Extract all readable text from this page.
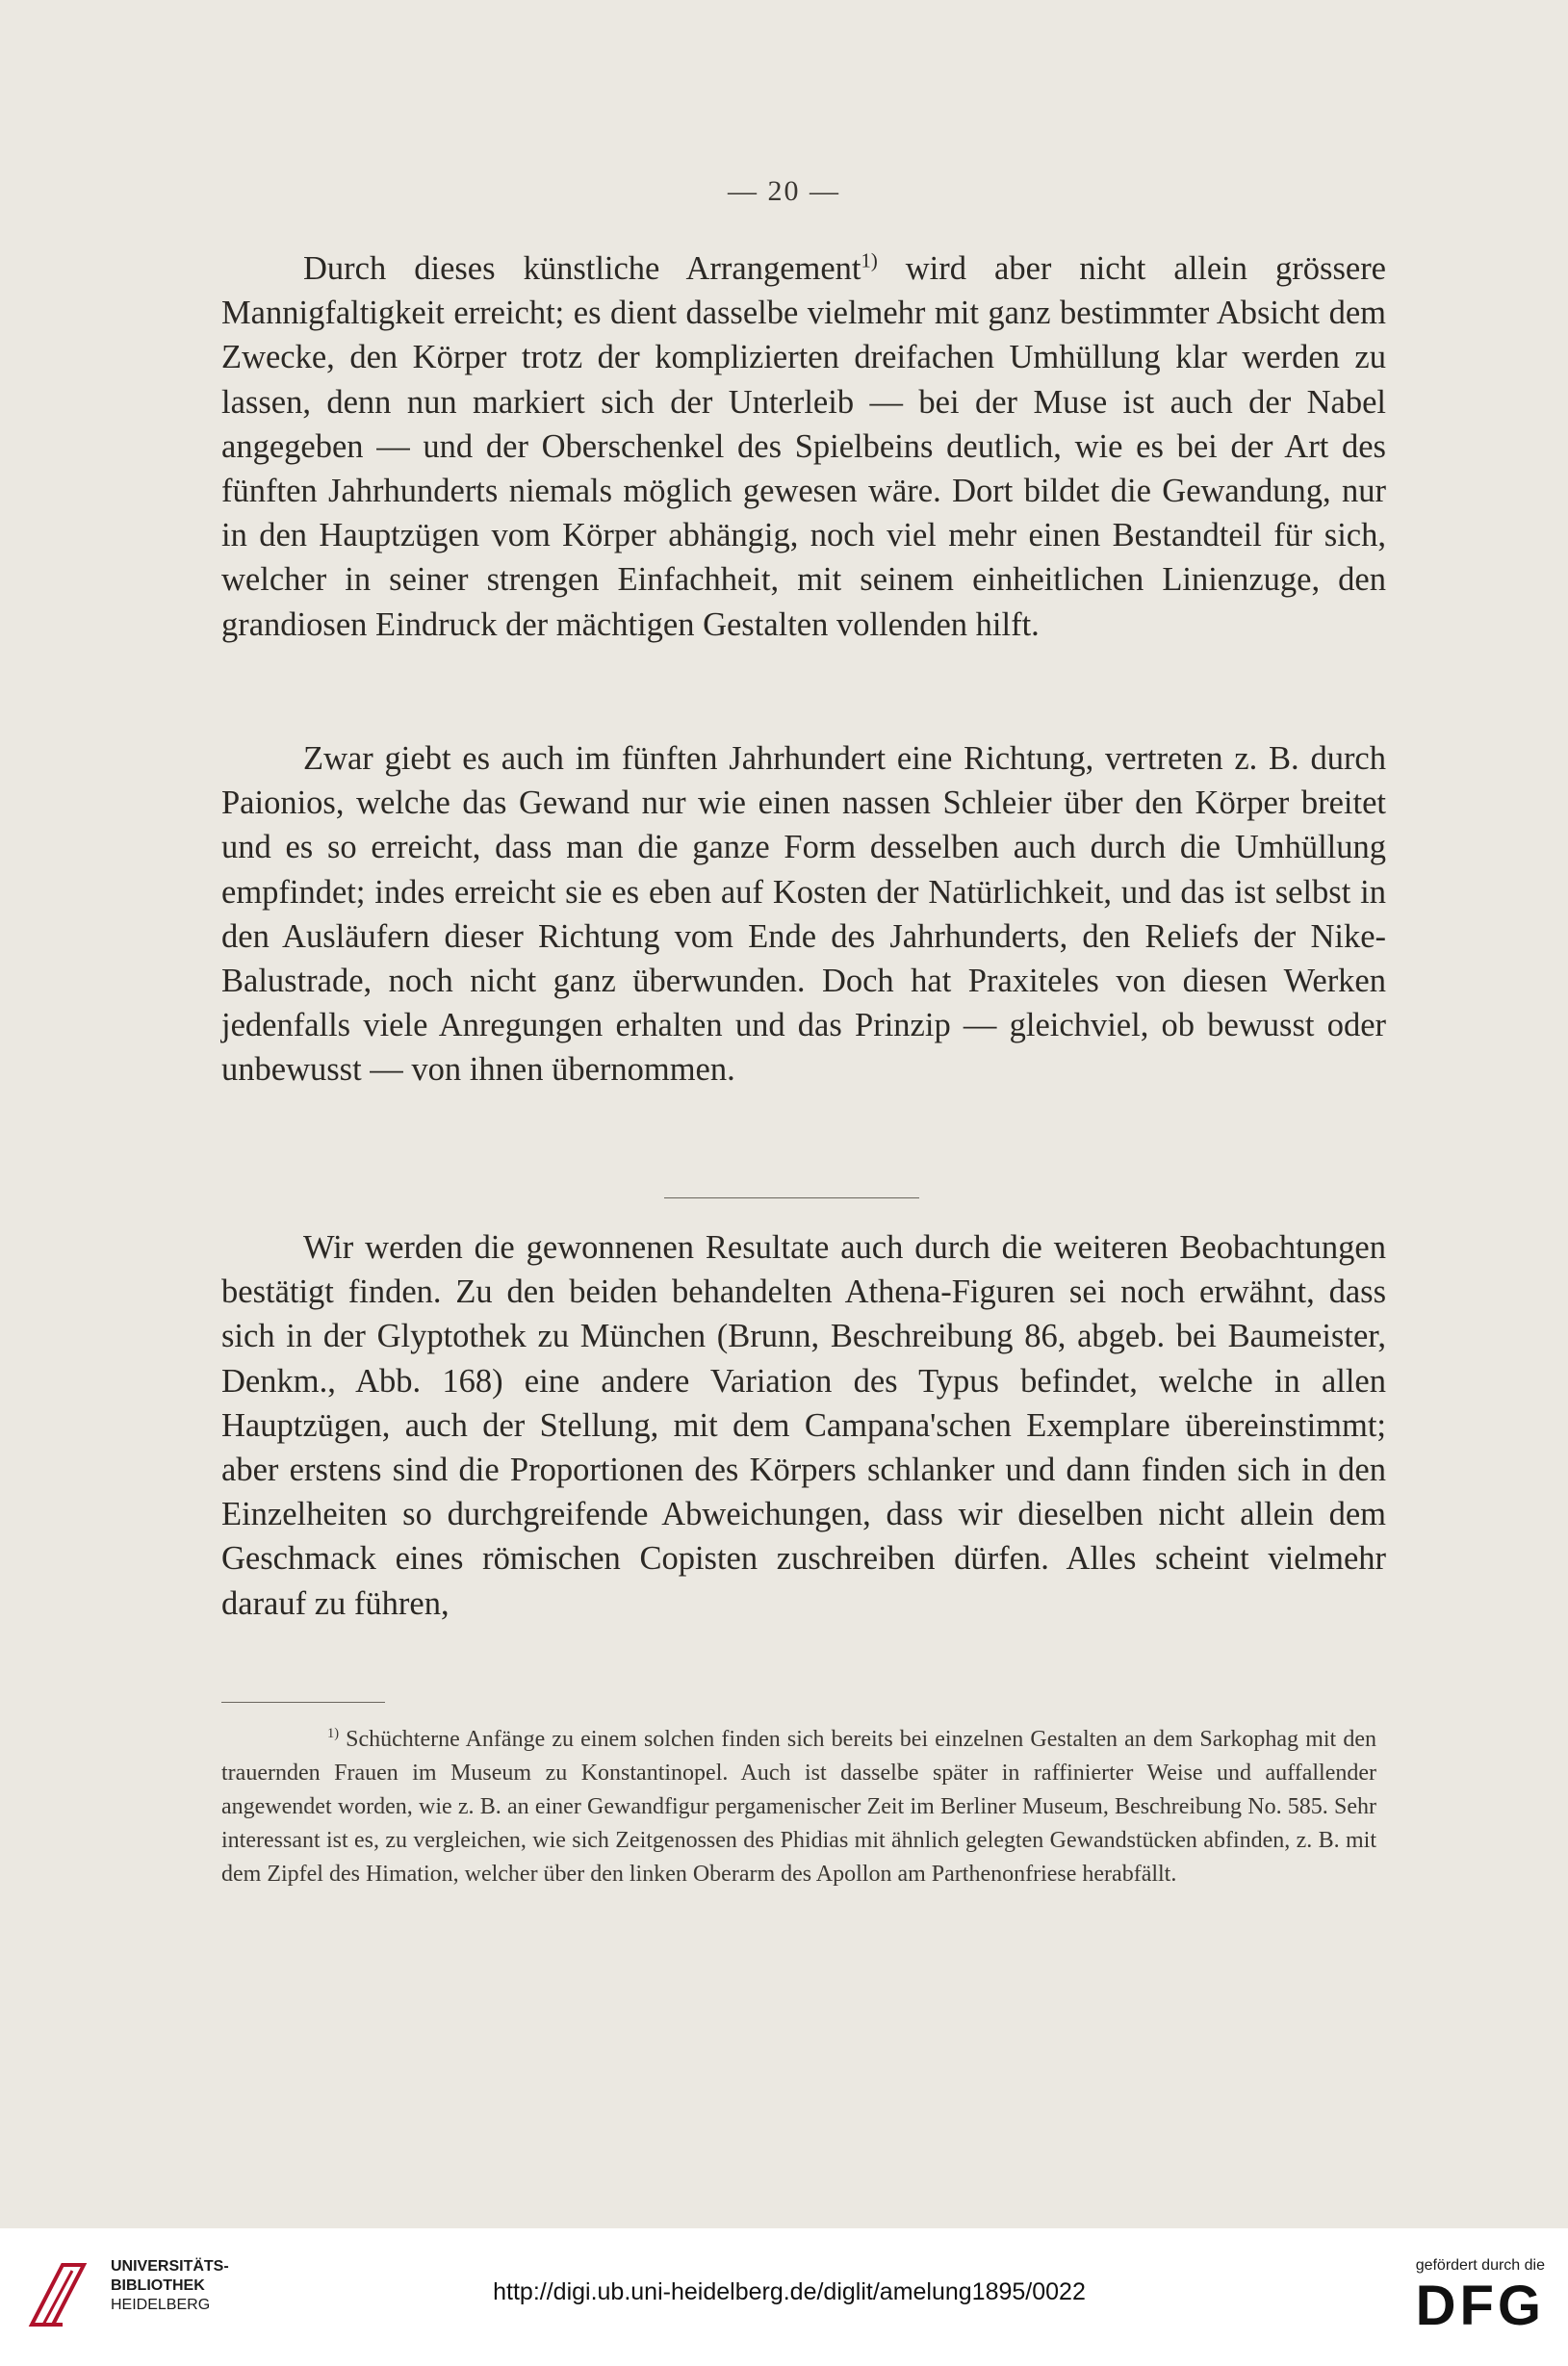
— 20 —

Durch dieses künstliche Arrangement$^{1)}$ wird aber nicht allein grössere Mannigfaltigkeit erreicht; es dient dasselbe vielmehr mit ganz bestimmter Absicht dem Zwecke, den Körper trotz der komplizierten dreifachen Umhüllung klar werden zu lassen, denn nun markiert sich der Unterleib — bei der Muse ist auch der Nabel angegeben — und der Oberschenkel des Spielbeins deutlich, wie es bei der Art des fünften Jahrhunderts niemals möglich gewesen wäre. Dort bildet die Gewandung, nur in den Hauptzügen vom Körper abhängig, noch viel mehr einen Bestandteil für sich, welcher in seiner strengen Einfachheit, mit seinem einheitlichen Linienzuge, den grandiosen Eindruck der mächtigen Gestalten vollenden hilft.

Zwar giebt es auch im fünften Jahrhundert eine Richtung, vertreten z. B. durch Paionios, welche das Gewand nur wie einen nassen Schleier über den Körper breitet und es so erreicht, dass man die ganze Form desselben auch durch die Umhüllung empfindet; indes erreicht sie es eben auf Kosten der Natürlichkeit, und das ist selbst in den Ausläufern dieser Richtung vom Ende des Jahrhunderts, den Reliefs der Nike-Balustrade, noch nicht ganz überwunden. Doch hat Praxiteles von diesen Werken jedenfalls viele Anregungen erhalten und das Prinzip — gleichviel, ob bewusst oder unbewusst — von ihnen übernommen.

Wir werden die gewonnenen Resultate auch durch die weiteren Beobachtungen bestätigt finden. Zu den beiden behandelten Athena-Figuren sei noch erwähnt, dass sich in der Glyptothek zu München (Brunn, Beschreibung 86, abgeb. bei Baumeister, Denkm., Abb. 168) eine andere Variation des Typus befindet, welche in allen Hauptzügen, auch der Stellung, mit dem Campana'schen Exemplare übereinstimmt; aber erstens sind die Proportionen des Körpers schlanker und dann finden sich in den Einzelheiten so durchgreifende Abweichungen, dass wir dieselben nicht allein dem Geschmack eines römischen Copisten zuschreiben dürfen. Alles scheint vielmehr darauf zu führen,

$^{1)}$ Schüchterne Anfänge zu einem solchen finden sich bereits bei einzelnen Gestalten an dem Sarkophag mit den trauernden Frauen im Museum zu Konstantinopel. Auch ist dasselbe später in raffinierter Weise und auffallender angewendet worden, wie z. B. an einer Gewandfigur pergamenischer Zeit im Berliner Museum, Beschreibung No. 585. Sehr interessant ist es, zu vergleichen, wie sich Zeitgenossen des Phidias mit ähnlich gelegten Gewandstücken abfinden, z. B. mit dem Zipfel des Himation, welcher über den linken Oberarm des Apollon am Parthenonfriese herabfällt.

UNIVERSITÄTS-
BIBLIOTHEK
HEIDELBERG	http://digi.ub.uni-heidelberg.de/diglit/amelung1895/0022
gefördert durch die
DFG
